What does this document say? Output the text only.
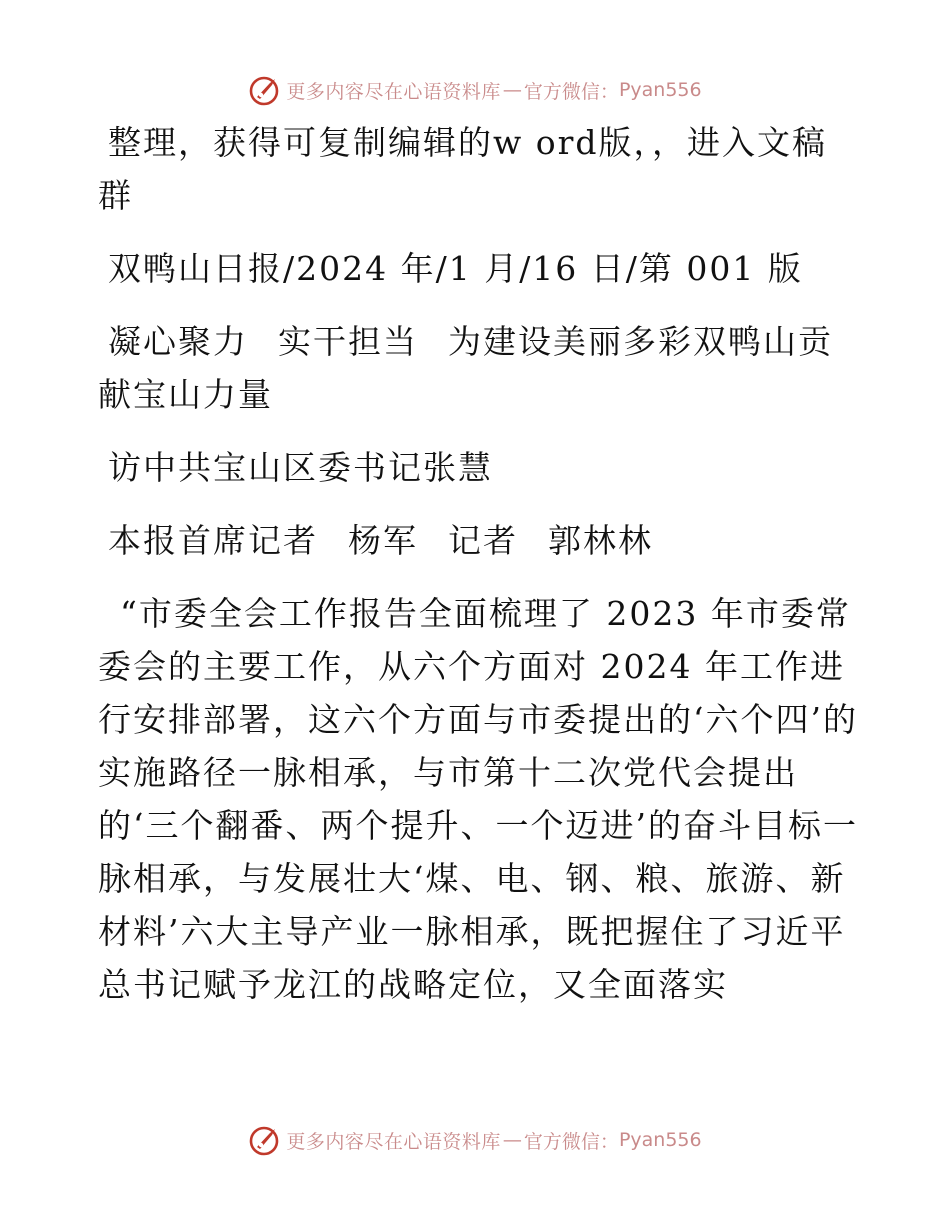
更多内容尽在心语资料库 — 官方微信： Pyan556

整理，获得可复制编辑的w ord版，，进入文稿群

双鸭山日报/2024 年/1 月/16 日/第 001 版

凝心聚力 实干担当 为建设美丽多彩双鸭山贡献宝山力量

访中共宝山区委书记张慧

本报首席记者 杨军 记者 郭林林

“市委全会工作报告全面梳理了 2023 年市委常委会的主要工作，从六个方面对 2024 年工作进行安排部署，这六个方面与市委提出的‘六个四’的实施路径一脉相承，与市第十二次党代会提出的‘三个翻番、两个提升、一个迈进’的奋斗目标一脉相承，与发展壮大‘煤、电、钢、粮、旅游、新材料’六大主导产业一脉相承，既把握住了习近平总书记赋予龙江的战略定位，又全面落实

更多内容尽在心语资料库 — 官方微信： Pyan556
